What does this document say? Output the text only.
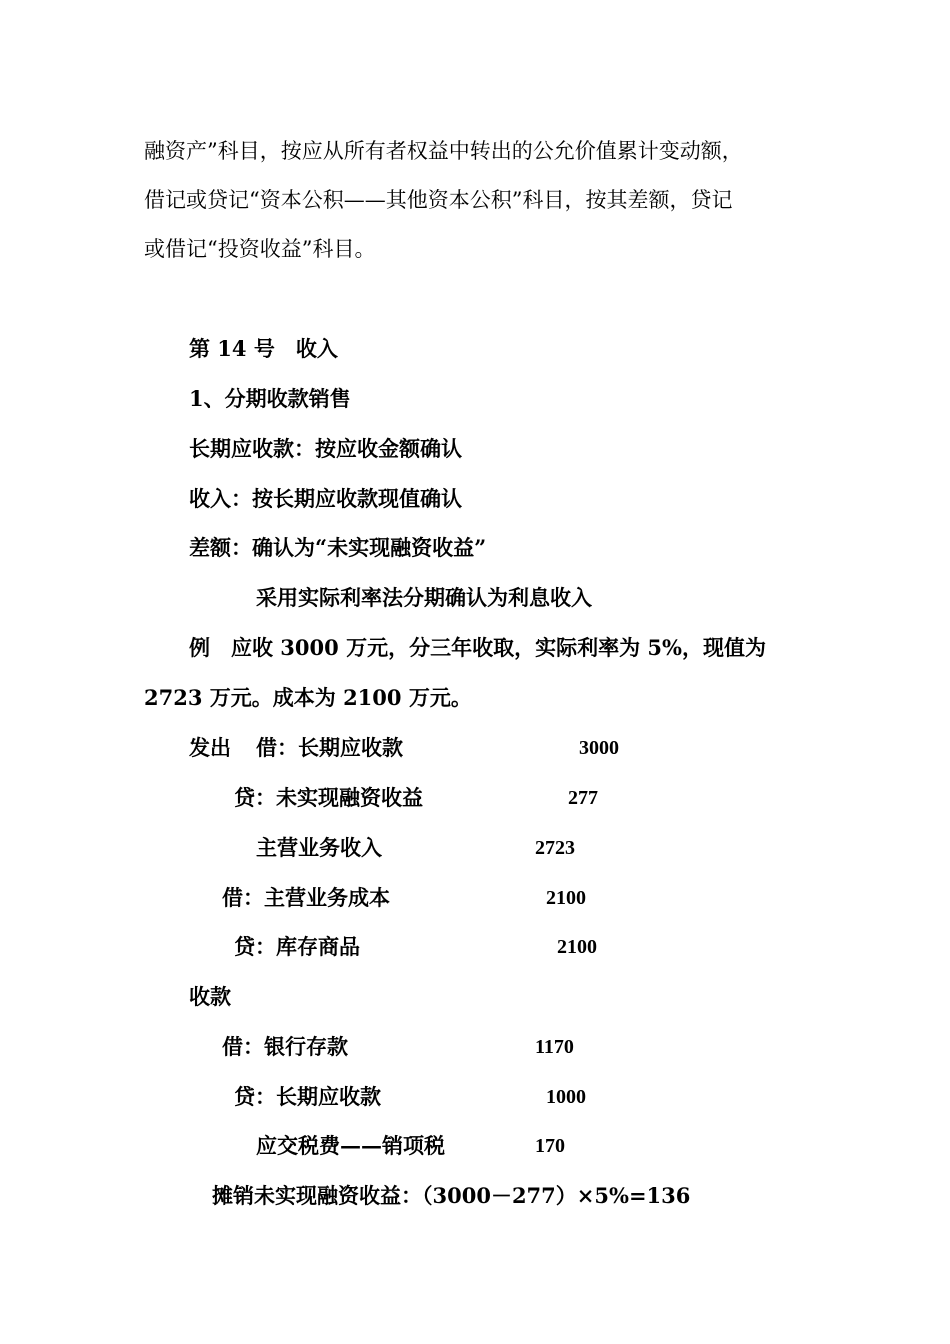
融资产”科目，按应从所有者权益中转出的公允价值累计变动额，
借记或贷记“资本公积——其他资本公积”科目，按其差额，贷记
或借记“投资收益”科目。
第 14 号　收入
1、分期收款销售
长期应收款：按应收金额确认
收入：按长期应收款现值确认
差额：确认为“未实现融资收益”
采用实际利率法分期确认为利息收入
例　应收 3000 万元，分三年收取，实际利率为 5%，现值为
2723 万元。成本为 2100 万元。
发出 借：长期应收款	3000
贷：未实现融资收益	277
主营业务收入	2723
借：主营业务成本	2100
贷：库存商品	2100
收款
借：银行存款	1170
贷：长期应收款	1000
应交税费——销项税	170
摊销未实现融资收益：（3000－277）×5%=136
